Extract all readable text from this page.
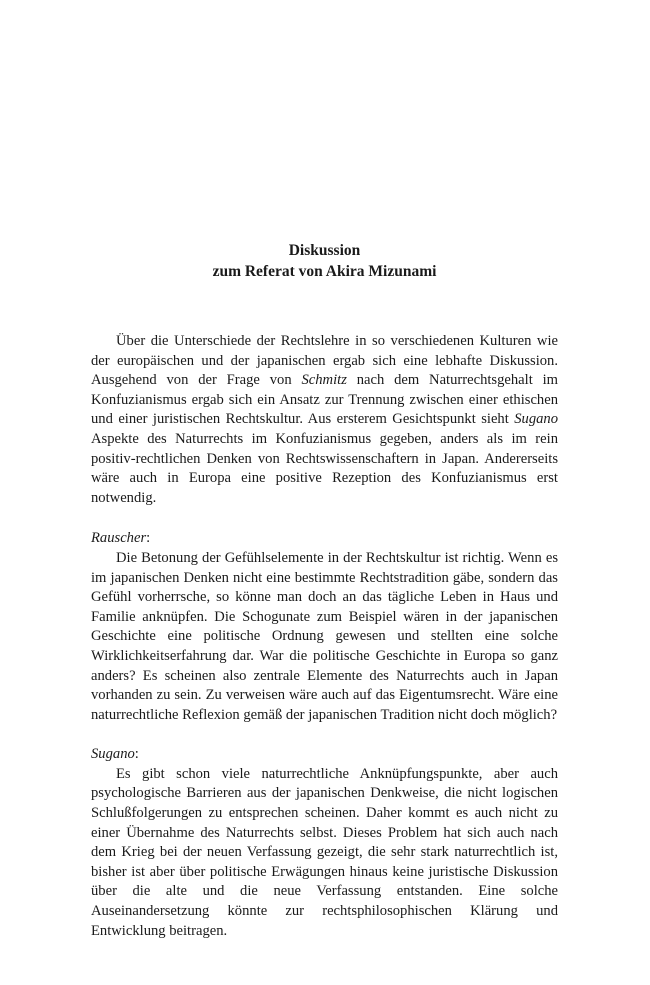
Diskussion
zum Referat von Akira Mizunami

Über die Unterschiede der Rechtslehre in so verschiedenen Kulturen wie der europäischen und der japanischen ergab sich eine lebhafte Diskussion. Ausgehend von der Frage von Schmitz nach dem Naturrechtsgehalt im Konfuzianismus ergab sich ein Ansatz zur Trennung zwischen einer ethischen und einer juristischen Rechtskultur. Aus ersterem Gesichtspunkt sieht Sugano Aspekte des Naturrechts im Konfuzianismus gegeben, anders als im rein positiv-rechtlichen Denken von Rechtswissenschaftern in Japan. Andererseits wäre auch in Europa eine positive Rezeption des Konfuzianismus erst notwendig.

Rauscher:

Die Betonung der Gefühlselemente in der Rechtskultur ist richtig. Wenn es im japanischen Denken nicht eine bestimmte Rechtstradition gäbe, sondern das Gefühl vorherrsche, so könne man doch an das tägliche Leben in Haus und Familie anknüpfen. Die Schogunate zum Beispiel wären in der japanischen Geschichte eine politische Ordnung gewesen und stellten eine solche Wirklichkeitserfahrung dar. War die politische Geschichte in Europa so ganz anders? Es scheinen also zentrale Elemente des Naturrechts auch in Japan vorhanden zu sein. Zu verweisen wäre auch auf das Eigentumsrecht. Wäre eine naturrechtliche Reflexion gemäß der japanischen Tradition nicht doch möglich?

Sugano:

Es gibt schon viele naturrechtliche Anknüpfungspunkte, aber auch psychologische Barrieren aus der japanischen Denkweise, die nicht logischen Schlußfolgerungen zu entsprechen scheinen. Daher kommt es auch nicht zu einer Übernahme des Naturrechts selbst. Dieses Problem hat sich auch nach dem Krieg bei der neuen Verfassung gezeigt, die sehr stark naturrechtlich ist, bisher ist aber über politische Erwägungen hinaus keine juristische Diskussion über die alte und die neue Verfassung entstanden. Eine solche Auseinandersetzung könnte zur rechtsphilosophischen Klärung und Entwicklung beitragen.
